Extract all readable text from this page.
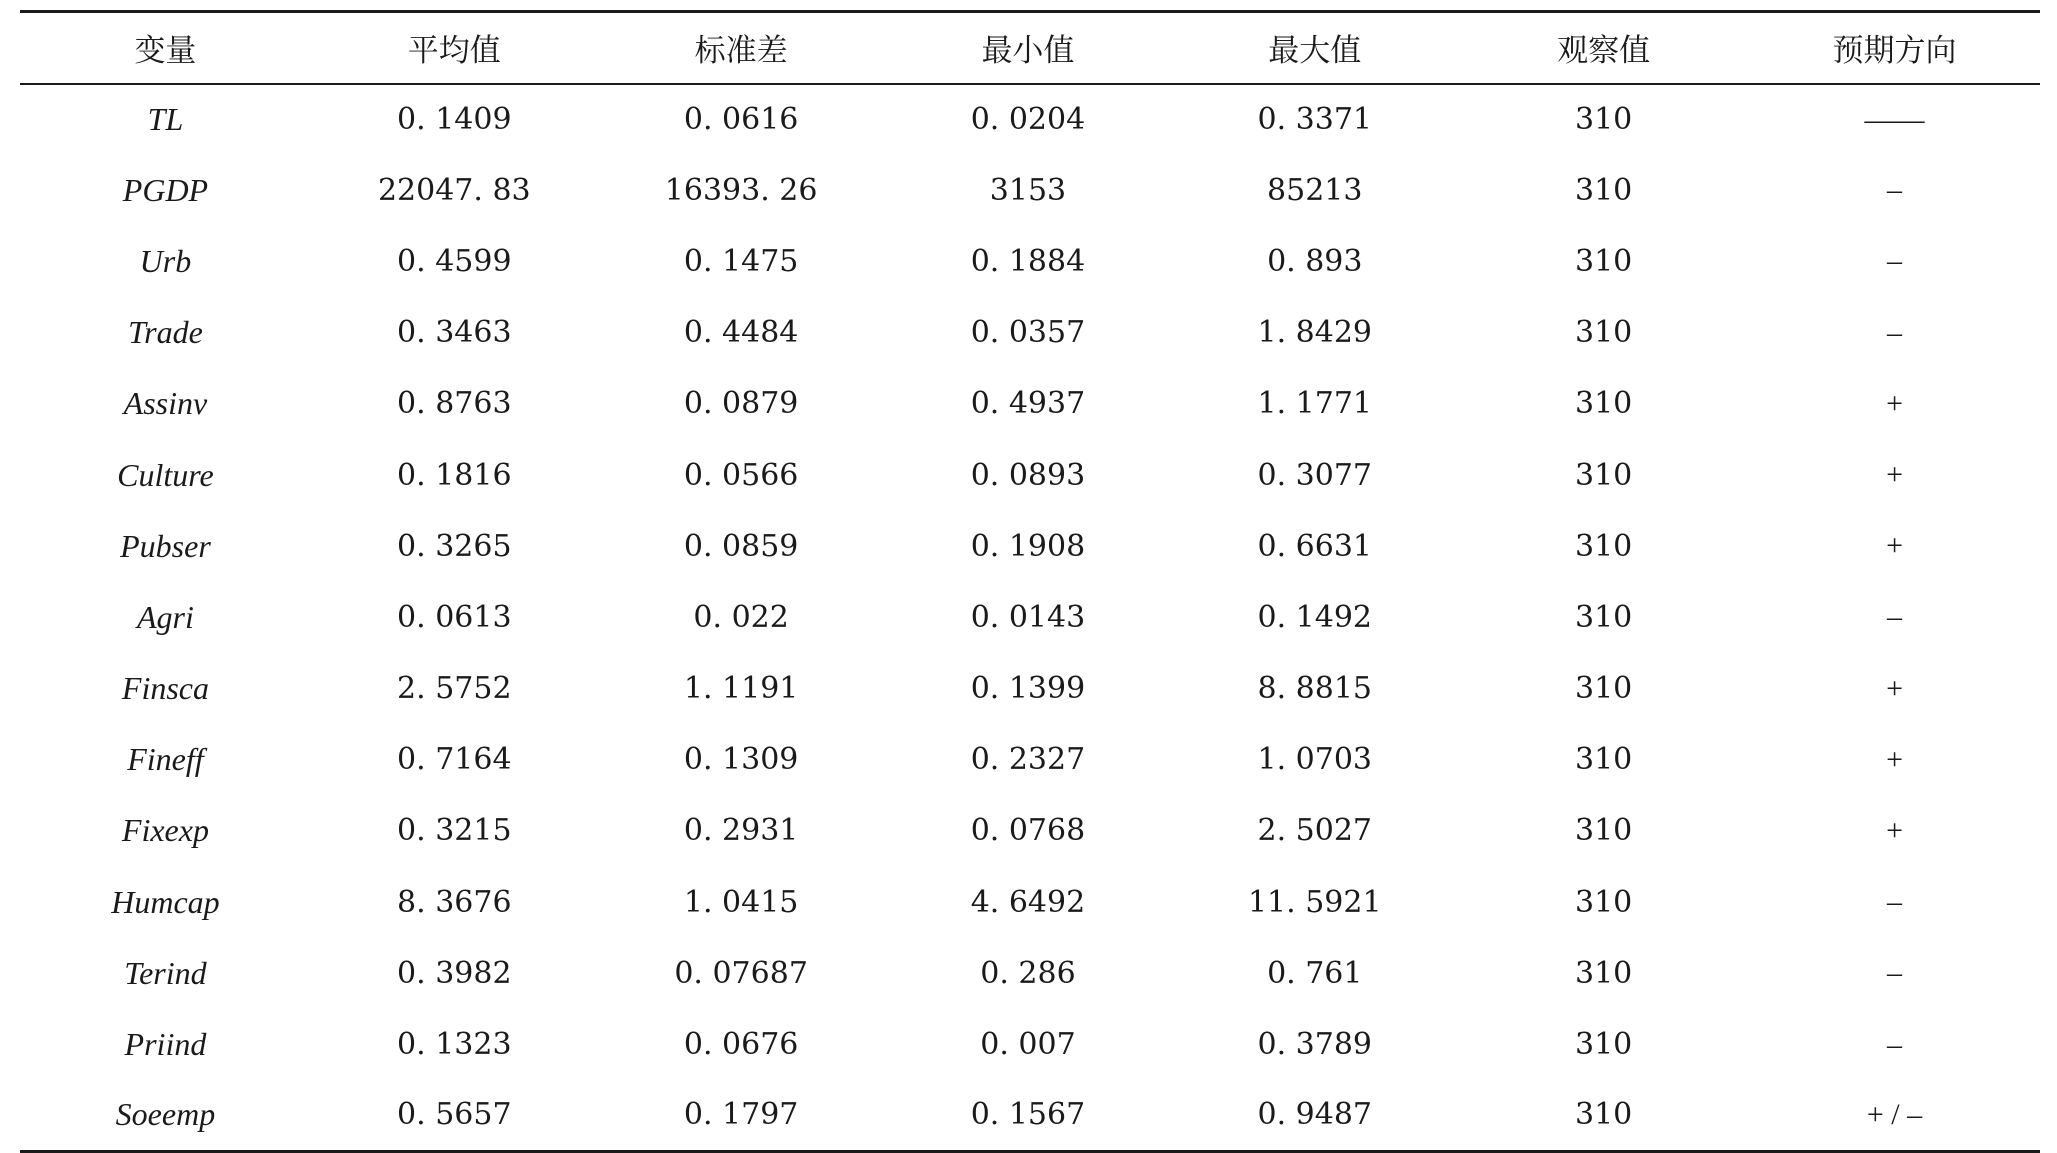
变量	平均值	标准差	最小值	最大值	观察值	预期方向
TL	0. 1409	0. 0616	0. 0204	0. 3371	310	——
PGDP	22047. 83	16393. 26	3153	85213	310	–
Urb	0. 4599	0. 1475	0. 1884	0. 893	310	–
Trade	0. 3463	0. 4484	0. 0357	1. 8429	310	–
Assinv	0. 8763	0. 0879	0. 4937	1. 1771	310	+
Culture	0. 1816	0. 0566	0. 0893	0. 3077	310	+
Pubser	0. 3265	0. 0859	0. 1908	0. 6631	310	+
Agri	0. 0613	0. 022	0. 0143	0. 1492	310	–
Finsca	2. 5752	1. 1191	0. 1399	8. 8815	310	+
Fineff	0. 7164	0. 1309	0. 2327	1. 0703	310	+
Fixexp	0. 3215	0. 2931	0. 0768	2. 5027	310	+
Humcap	8. 3676	1. 0415	4. 6492	11. 5921	310	–
Terind	0. 3982	0. 07687	0. 286	0. 761	310	–
Priind	0. 1323	0. 0676	0. 007	0. 3789	310	–
Soeemp	0. 5657	0. 1797	0. 1567	0. 9487	310	+ / –
